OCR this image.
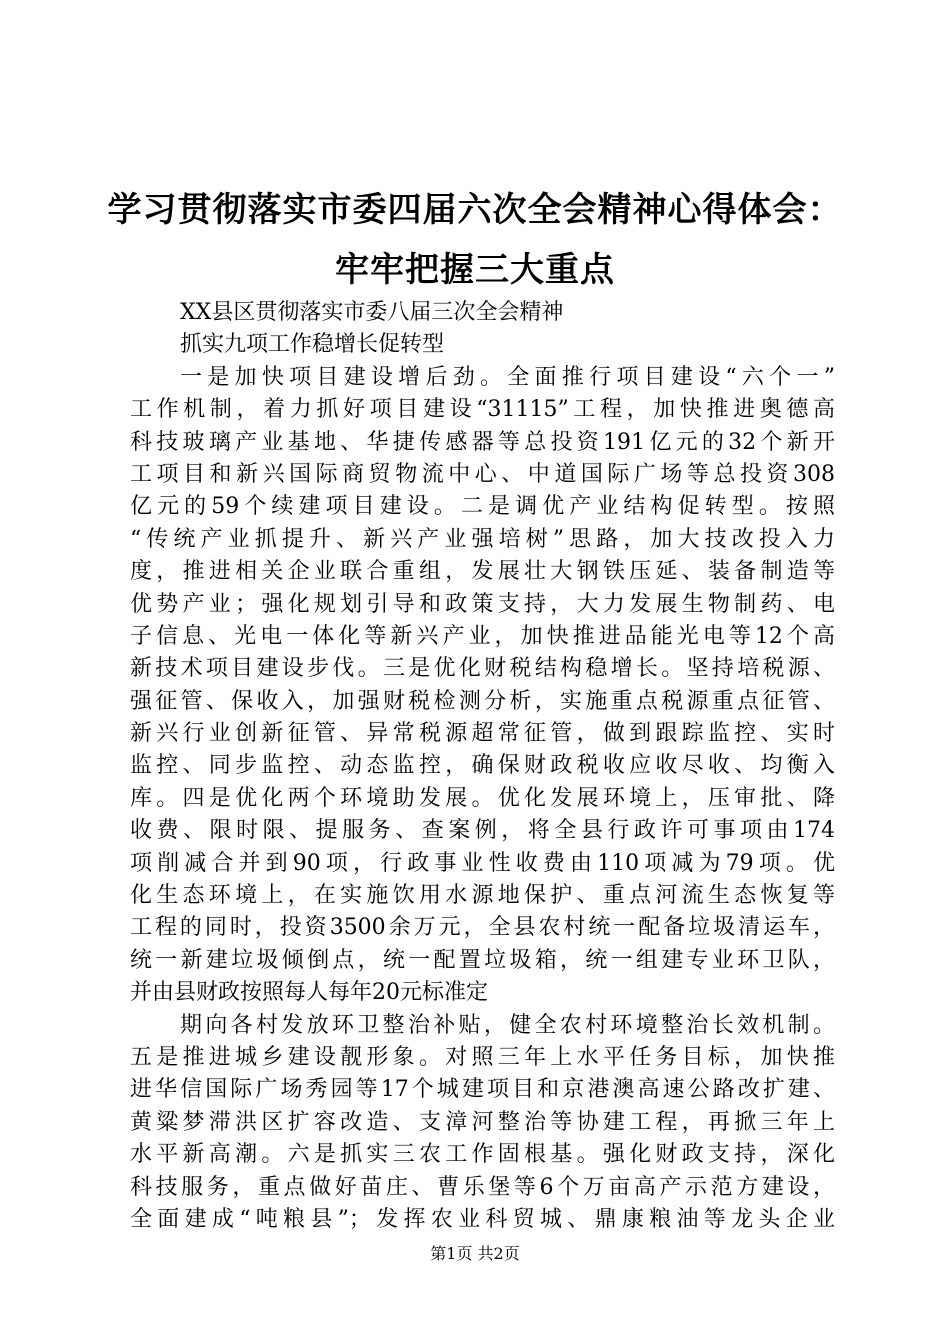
学习贯彻落实市委四届六次全会精神心得体会：
牢牢把握三大重点
XX县区贯彻落实市委八届三次全会精神
抓实九项工作稳增长促转型
一是加快项目建设增后劲。全面推行项目建设“六个一”
工作机制，着力抓好项目建设“31115”工程，加快推进奥德高
科技玻璃产业基地、华捷传感器等总投资191亿元的32个新开
工项目和新兴国际商贸物流中心、中道国际广场等总投资308
亿元的59个续建项目建设。二是调优产业结构促转型。按照
“传统产业抓提升、新兴产业强培树”思路，加大技改投入力
度，推进相关企业联合重组，发展壮大钢铁压延、装备制造等
优势产业；强化规划引导和政策支持，大力发展生物制药、电
子信息、光电一体化等新兴产业，加快推进品能光电等12个高
新技术项目建设步伐。三是优化财税结构稳增长。坚持培税源、
强征管、保收入，加强财税检测分析，实施重点税源重点征管、
新兴行业创新征管、异常税源超常征管，做到跟踪监控、实时
监控、同步监控、动态监控，确保财政税收应收尽收、均衡入
库。四是优化两个环境助发展。优化发展环境上，压审批、降
收费、限时限、提服务、查案例，将全县行政许可事项由174
项削减合并到90项，行政事业性收费由110项减为79项。优
化生态环境上，在实施饮用水源地保护、重点河流生态恢复等
工程的同时，投资3500余万元，全县农村统一配备垃圾清运车，
统一新建垃圾倾倒点，统一配置垃圾箱，统一组建专业环卫队，
并由县财政按照每人每年20元标准定
期向各村发放环卫整治补贴，健全农村环境整治长效机制。
五是推进城乡建设靓形象。对照三年上水平任务目标，加快推
进华信国际广场秀园等17个城建项目和京港澳高速公路改扩建、
黄粱梦滞洪区扩容改造、支漳河整治等协建工程，再掀三年上
水平新高潮。六是抓实三农工作固根基。强化财政支持，深化
科技服务，重点做好苗庄、曹乐堡等6个万亩高产示范方建设，
全面建成“吨粮县”；发挥农业科贸城、鼎康粮油等龙头企业
第1页 共2页
